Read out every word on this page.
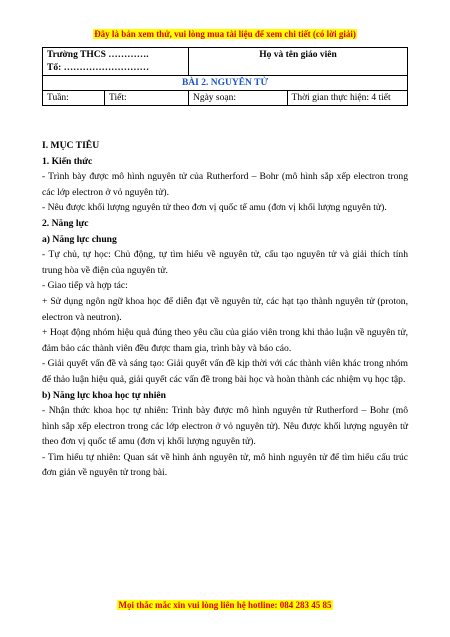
Đây là bản xem thử, vui lòng mua tài liệu để xem chi tiết (có lời giải)
Trường THCS ………….
Tổ: ………………………		Họ và tên giáo viên	
BÀI 2. NGUYÊN TỬ			
Tuần:	Tiết:	Ngày soạn:	Thời gian thực hiện: 4 tiết

I. MỤC TIÊU

1. Kiến thức

- Trình bày được mô hình nguyên tử của Rutherford – Bohr (mô hình sắp xếp electron trong các lớp electron ở vỏ nguyên tử).

- Nêu được khối lượng nguyên tử theo đơn vị quốc tế amu (đơn vị khối lượng nguyên tử).

2. Năng lực

a) Năng lực chung

- Tự chủ, tự học: Chủ động, tự tìm hiểu về nguyên tử, cấu tạo nguyên tử và giải thích tính trung hòa về điện của nguyên tử.

- Giao tiếp và hợp tác:

+ Sử dụng ngôn ngữ khoa học để diễn đạt về nguyên tử, các hạt tạo thành nguyên tử (proton, electron và neutron).

+ Hoạt động nhóm hiệu quả đúng theo yêu cầu của giáo viên trong khi thảo luận về nguyên tử, đảm bảo các thành viên đều được tham gia, trình bày và báo cáo.

- Giải quyết vấn đề và sáng tạo: Giải quyết vấn đề kịp thời với các thành viên khác trong nhóm để thảo luận hiệu quả, giải quyết các vấn đề trong bài học và hoàn thành các nhiệm vụ học tập.

b) Năng lực khoa học tự nhiên

- Nhận thức khoa học tự nhiên: Trình bày được mô hình nguyên tử Rutherford – Bohr (mô hình sắp xếp electron trong các lớp electron ở vỏ nguyên tử). Nêu được khối lượng nguyên tử theo đơn vị quốc tế amu (đơn vị khối lượng nguyên tử).

- Tìm hiểu tự nhiên: Quan sát về hình ảnh nguyên tử, mô hình nguyên tử để tìm hiểu cấu trúc đơn giản về nguyên tử trong bài.

Mọi thắc mắc xin vui lòng liên hệ hotline: 084 283 45 85
